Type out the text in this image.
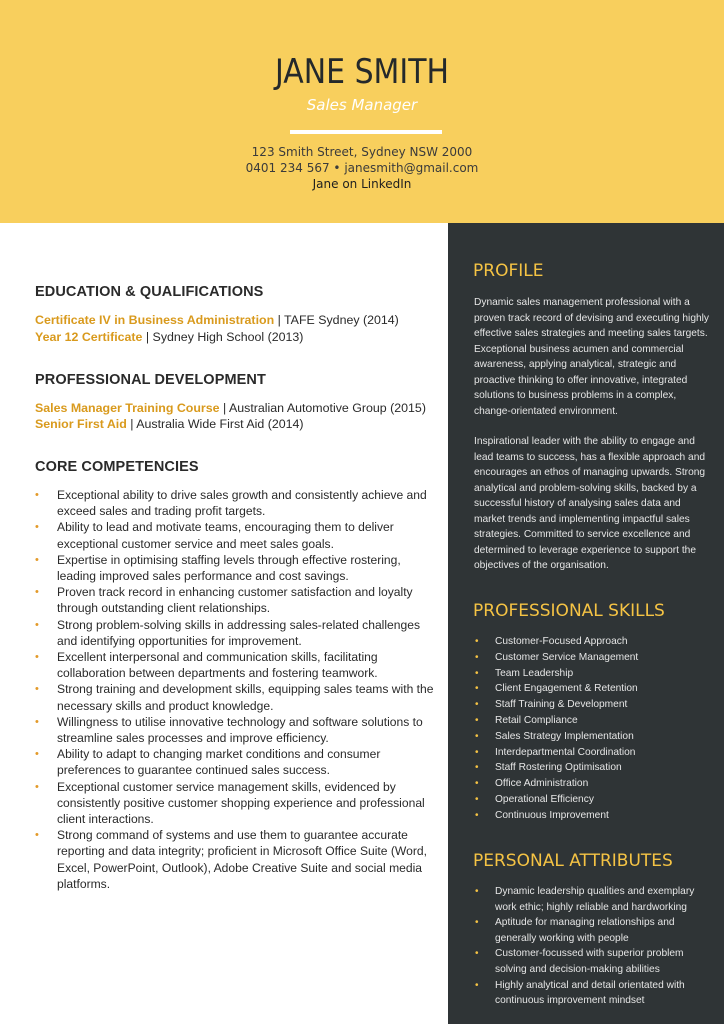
JANE SMITH
Sales Manager
123 Smith Street, Sydney NSW 2000
0401 234 567 • janesmith@gmail.com
Jane on LinkedIn
EDUCATION & QUALIFICATIONS
Certificate IV in Business Administration | TAFE Sydney (2014)
Year 12 Certificate | Sydney High School (2013)
PROFESSIONAL DEVELOPMENT
Sales Manager Training Course | Australian Automotive Group (2015)
Senior First Aid | Australia Wide First Aid (2014)
CORE COMPETENCIES
• Exceptional ability to drive sales growth and consistently achieve and exceed sales and trading profit targets.
• Ability to lead and motivate teams, encouraging them to deliver exceptional customer service and meet sales goals.
• Expertise in optimising staffing levels through effective rostering, leading improved sales performance and cost savings.
• Proven track record in enhancing customer satisfaction and loyalty through outstanding client relationships.
• Strong problem-solving skills in addressing sales-related challenges and identifying opportunities for improvement.
• Excellent interpersonal and communication skills, facilitating collaboration between departments and fostering teamwork.
• Strong training and development skills, equipping sales teams with the necessary skills and product knowledge.
• Willingness to utilise innovative technology and software solutions to streamline sales processes and improve efficiency.
• Ability to adapt to changing market conditions and consumer preferences to guarantee continued sales success.
• Exceptional customer service management skills, evidenced by consistently positive customer shopping experience and professional client interactions.
• Strong command of systems and use them to guarantee accurate reporting and data integrity; proficient in Microsoft Office Suite (Word, Excel, PowerPoint, Outlook), Adobe Creative Suite and social media platforms.
PROFILE
Dynamic sales management professional with a proven track record of devising and executing highly effective sales strategies and meeting sales targets. Exceptional business acumen and commercial awareness, applying analytical, strategic and proactive thinking to offer innovative, integrated solutions to business problems in a complex, change-orientated environment.
Inspirational leader with the ability to engage and lead teams to success, has a flexible approach and encourages an ethos of managing upwards. Strong analytical and problem-solving skills, backed by a successful history of analysing sales data and market trends and implementing impactful sales strategies. Committed to service excellence and determined to leverage experience to support the objectives of the organisation.
PROFESSIONAL SKILLS
• Customer-Focused Approach
• Customer Service Management
• Team Leadership
• Client Engagement & Retention
• Staff Training & Development
• Retail Compliance
• Sales Strategy Implementation
• Interdepartmental Coordination
• Staff Rostering Optimisation
• Office Administration
• Operational Efficiency
• Continuous Improvement
PERSONAL ATTRIBUTES
• Dynamic leadership qualities and exemplary work ethic; highly reliable and hardworking
• Aptitude for managing relationships and generally working with people
• Customer-focussed with superior problem solving and decision-making abilities
• Highly analytical and detail orientated with continuous improvement mindset
